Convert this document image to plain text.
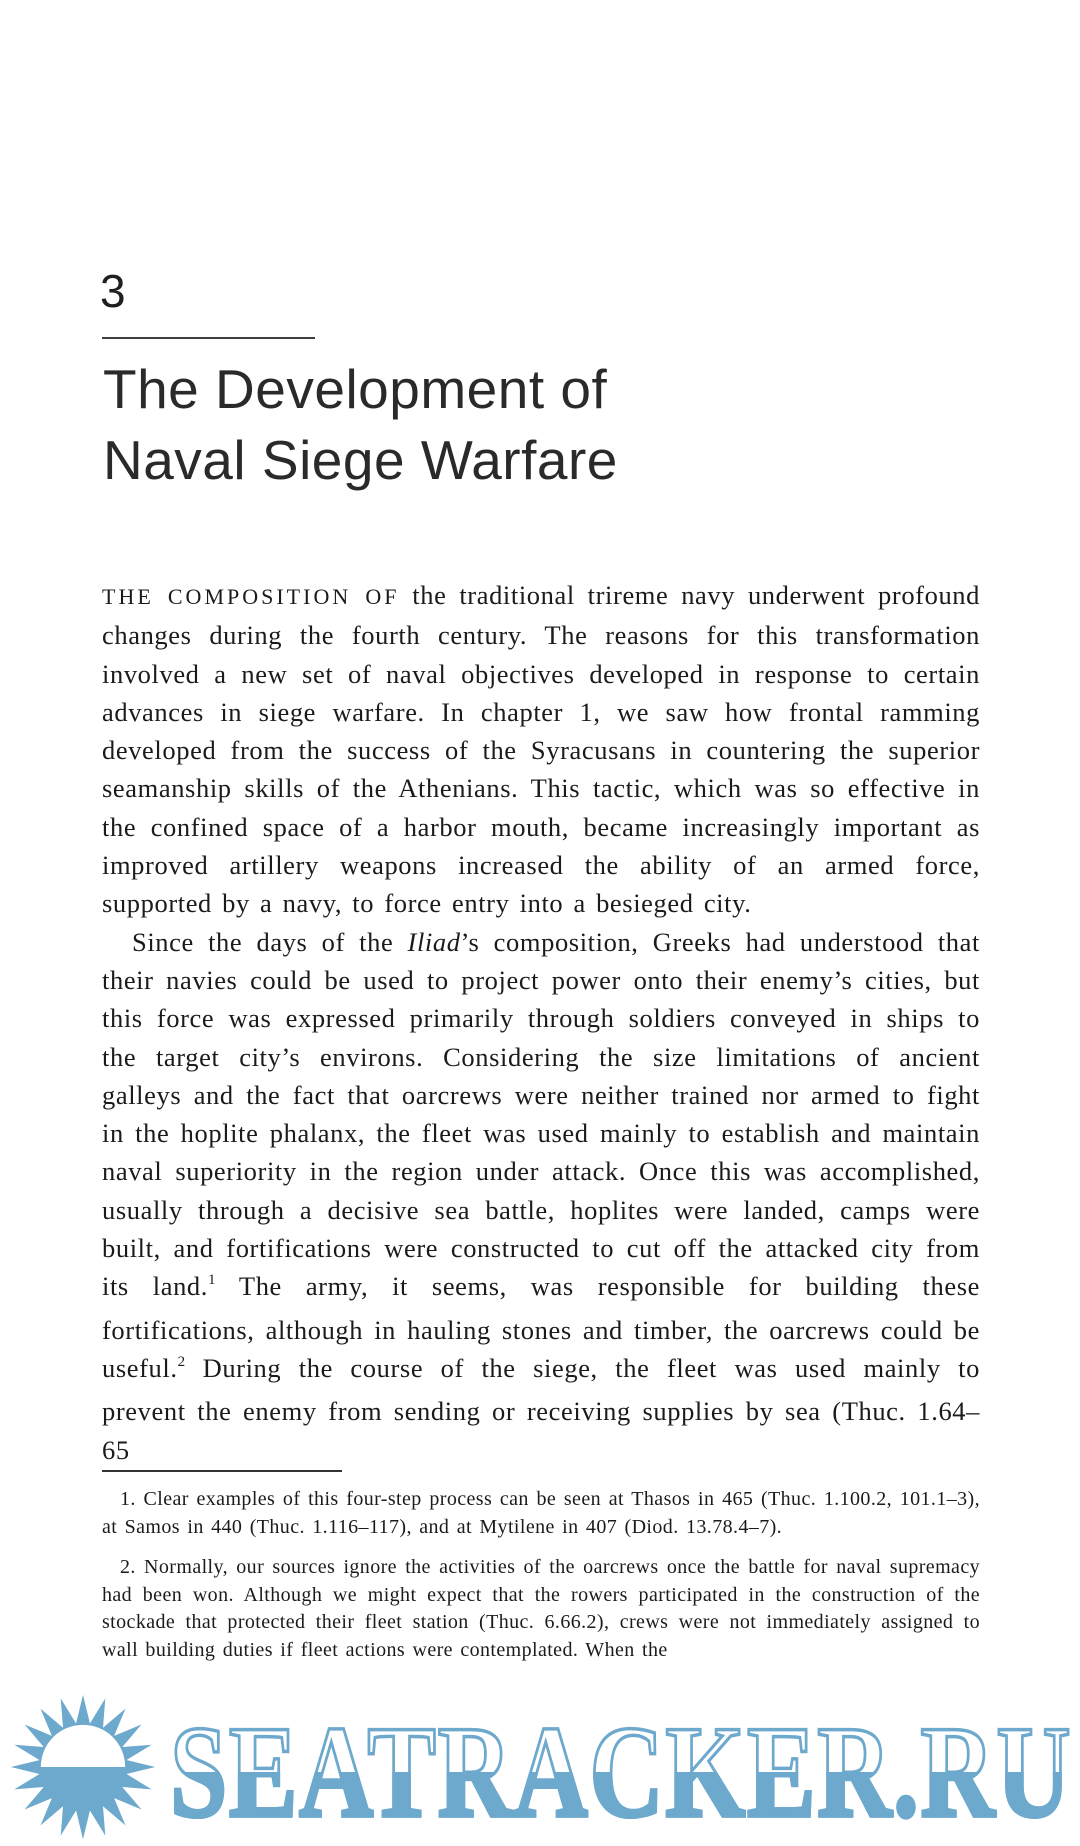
3
The Development of
Naval Siege Warfare

THE COMPOSITION OF the traditional trireme navy underwent profound changes during the fourth century. The reasons for this transformation involved a new set of naval objectives developed in response to certain advances in siege warfare. In chapter 1, we saw how frontal ramming developed from the success of the Syracusans in countering the superior seamanship skills of the Athenians. This tactic, which was so effective in the confined space of a harbor mouth, became increasingly important as improved artillery weapons increased the ability of an armed force, supported by a navy, to force entry into a besieged city.

Since the days of the Iliad’s composition, Greeks had understood that their navies could be used to project power onto their enemy’s cities, but this force was expressed primarily through soldiers conveyed in ships to the target city’s environs. Considering the size limitations of ancient galleys and the fact that oarcrews were neither trained nor armed to fight in the hoplite phalanx, the fleet was used mainly to establish and maintain naval superiority in the region under attack. Once this was accomplished, usually through a decisive sea battle, hoplites were landed, camps were built, and fortifications were constructed to cut off the attacked city from its land.$^1$ The army, it seems, was responsible for building these fortifications, although in hauling stones and timber, the oarcrews could be useful.$^2$ During the course of the siege, the fleet was used mainly to prevent the enemy from sending or receiving supplies by sea (Thuc. 1.64–65

1. Clear examples of this four-step process can be seen at Thasos in 465 (Thuc. 1.100.2, 101.1–3), at Samos in 440 (Thuc. 1.116–117), and at Mytilene in 407 (Diod. 13.78.4–7).

2. Normally, our sources ignore the activities of the oarcrews once the battle for naval supremacy had been won. Although we might expect that the rowers participated in the construction of the stockade that protected their fleet station (Thuc. 6.66.2), crews were not immediately assigned to wall building duties if fleet actions were contemplated. When the

SEATRACKER.RU
